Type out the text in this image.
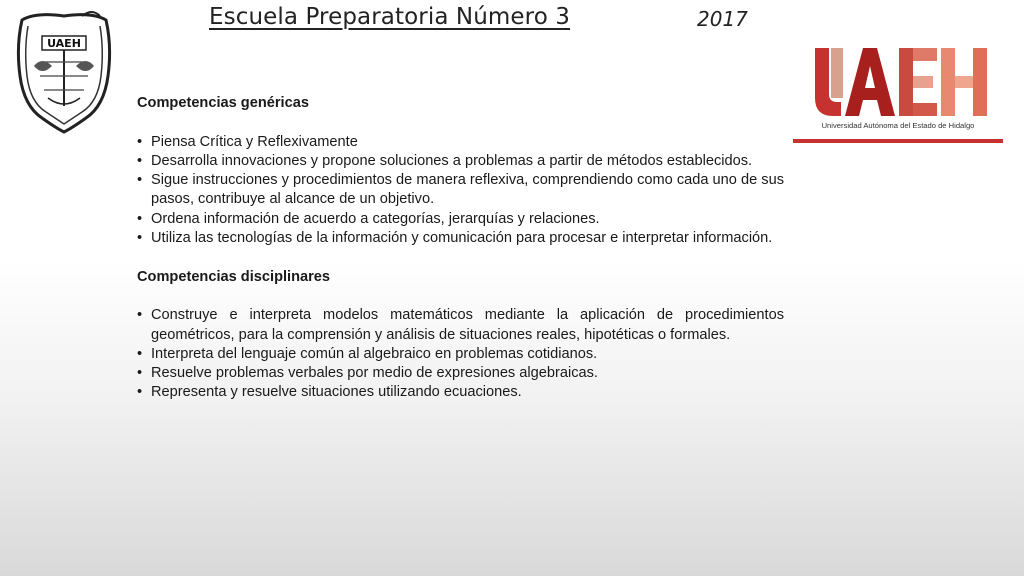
UAEH
Escuela Preparatoria Número 3	2017
Universidad Autónoma del Estado de Hidalgo

Competencias genéricas

• Piensa Crítica y Reflexivamente
• Desarrolla innovaciones y propone soluciones a problemas a partir de métodos establecidos.
• Sigue instrucciones y procedimientos de manera reflexiva, comprendiendo como cada uno de sus pasos, contribuye al alcance de un objetivo.
• Ordena información de acuerdo a categorías, jerarquías y relaciones.
• Utiliza las tecnologías de la información y comunicación para procesar e interpretar información.

Competencias disciplinares

• Construye e interpreta modelos matemáticos mediante la aplicación de procedimientos geométricos, para la comprensión y análisis de situaciones reales, hipotéticas o formales.
• Interpreta del lenguaje común al algebraico en problemas cotidianos.
• Resuelve problemas verbales por medio de expresiones algebraicas.
• Representa y resuelve situaciones utilizando ecuaciones.
